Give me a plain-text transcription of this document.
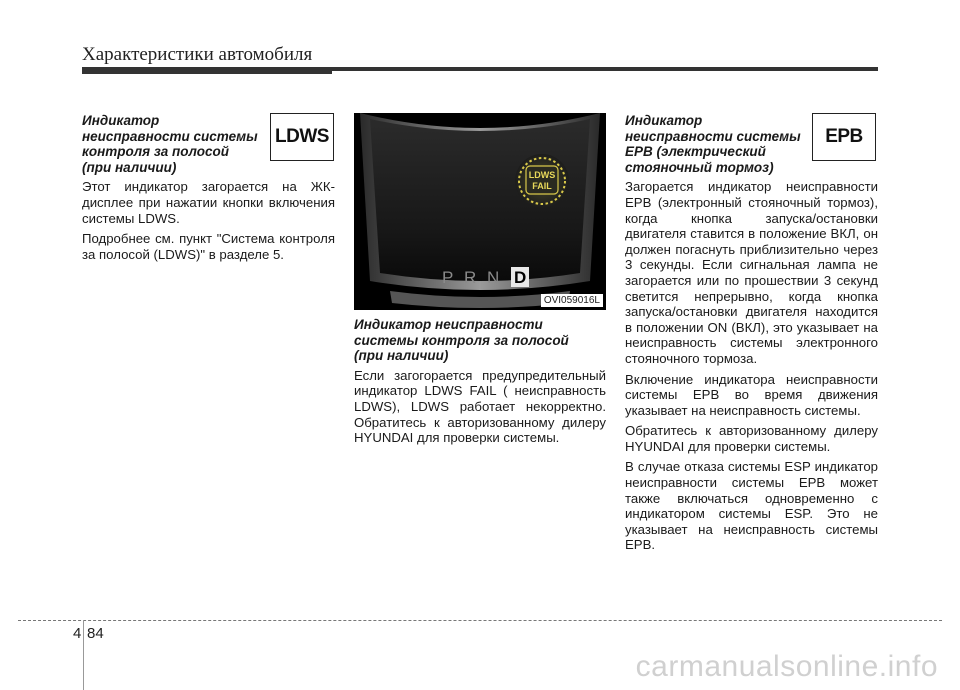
Характеристики автомобиля
LDWS
Индикатор
неисправности системы
контроля за полосой
(при наличии)

Этот индикатор загорается на ЖК-дисплее при нажатии кнопки включения системы LDWS.

Подробнее см. пункт "Система контроля за полосой (LDWS)" в разделе 5.

LDWS
FAIL
P R N D
OVI059016L
Индикатор неисправности
системы контроля за полосой
(при наличии)

Если загогорается предупредительный индикатор LDWS FAIL ( неисправность LDWS), LDWS работает некорректно. Обратитесь к авторизованному дилеру HYUNDAI для проверки системы.

EPB
Индикатор
неисправности системы
EPB (электрический
стояночный тормоз)

Загорается индикатор неисправности EPB (электронный стояночный тормоз), когда кнопка запуска/остановки двигателя ставится в положение ВКЛ, он должен погаснуть приблизительно через 3 секунды. Если сигнальная лампа не загорается или по прошествии 3 секунд светится непрерывно, когда кнопка запуска/остановки двигателя находится в положении ON (ВКЛ), это указывает на неисправность системы электронного стояночного тормоза.

Включение индикатора неисправности системы EPB во время движения указывает на неисправность системы.

Обратитесь к авторизованному дилеру HYUNDAI для проверки системы.

В случае отказа системы ESP индикатор неисправности системы EPB может также включаться одновременно с индикатором системы ESP. Это не указывает на неисправность системы EPB.

4 84
carmanualsonline.info
